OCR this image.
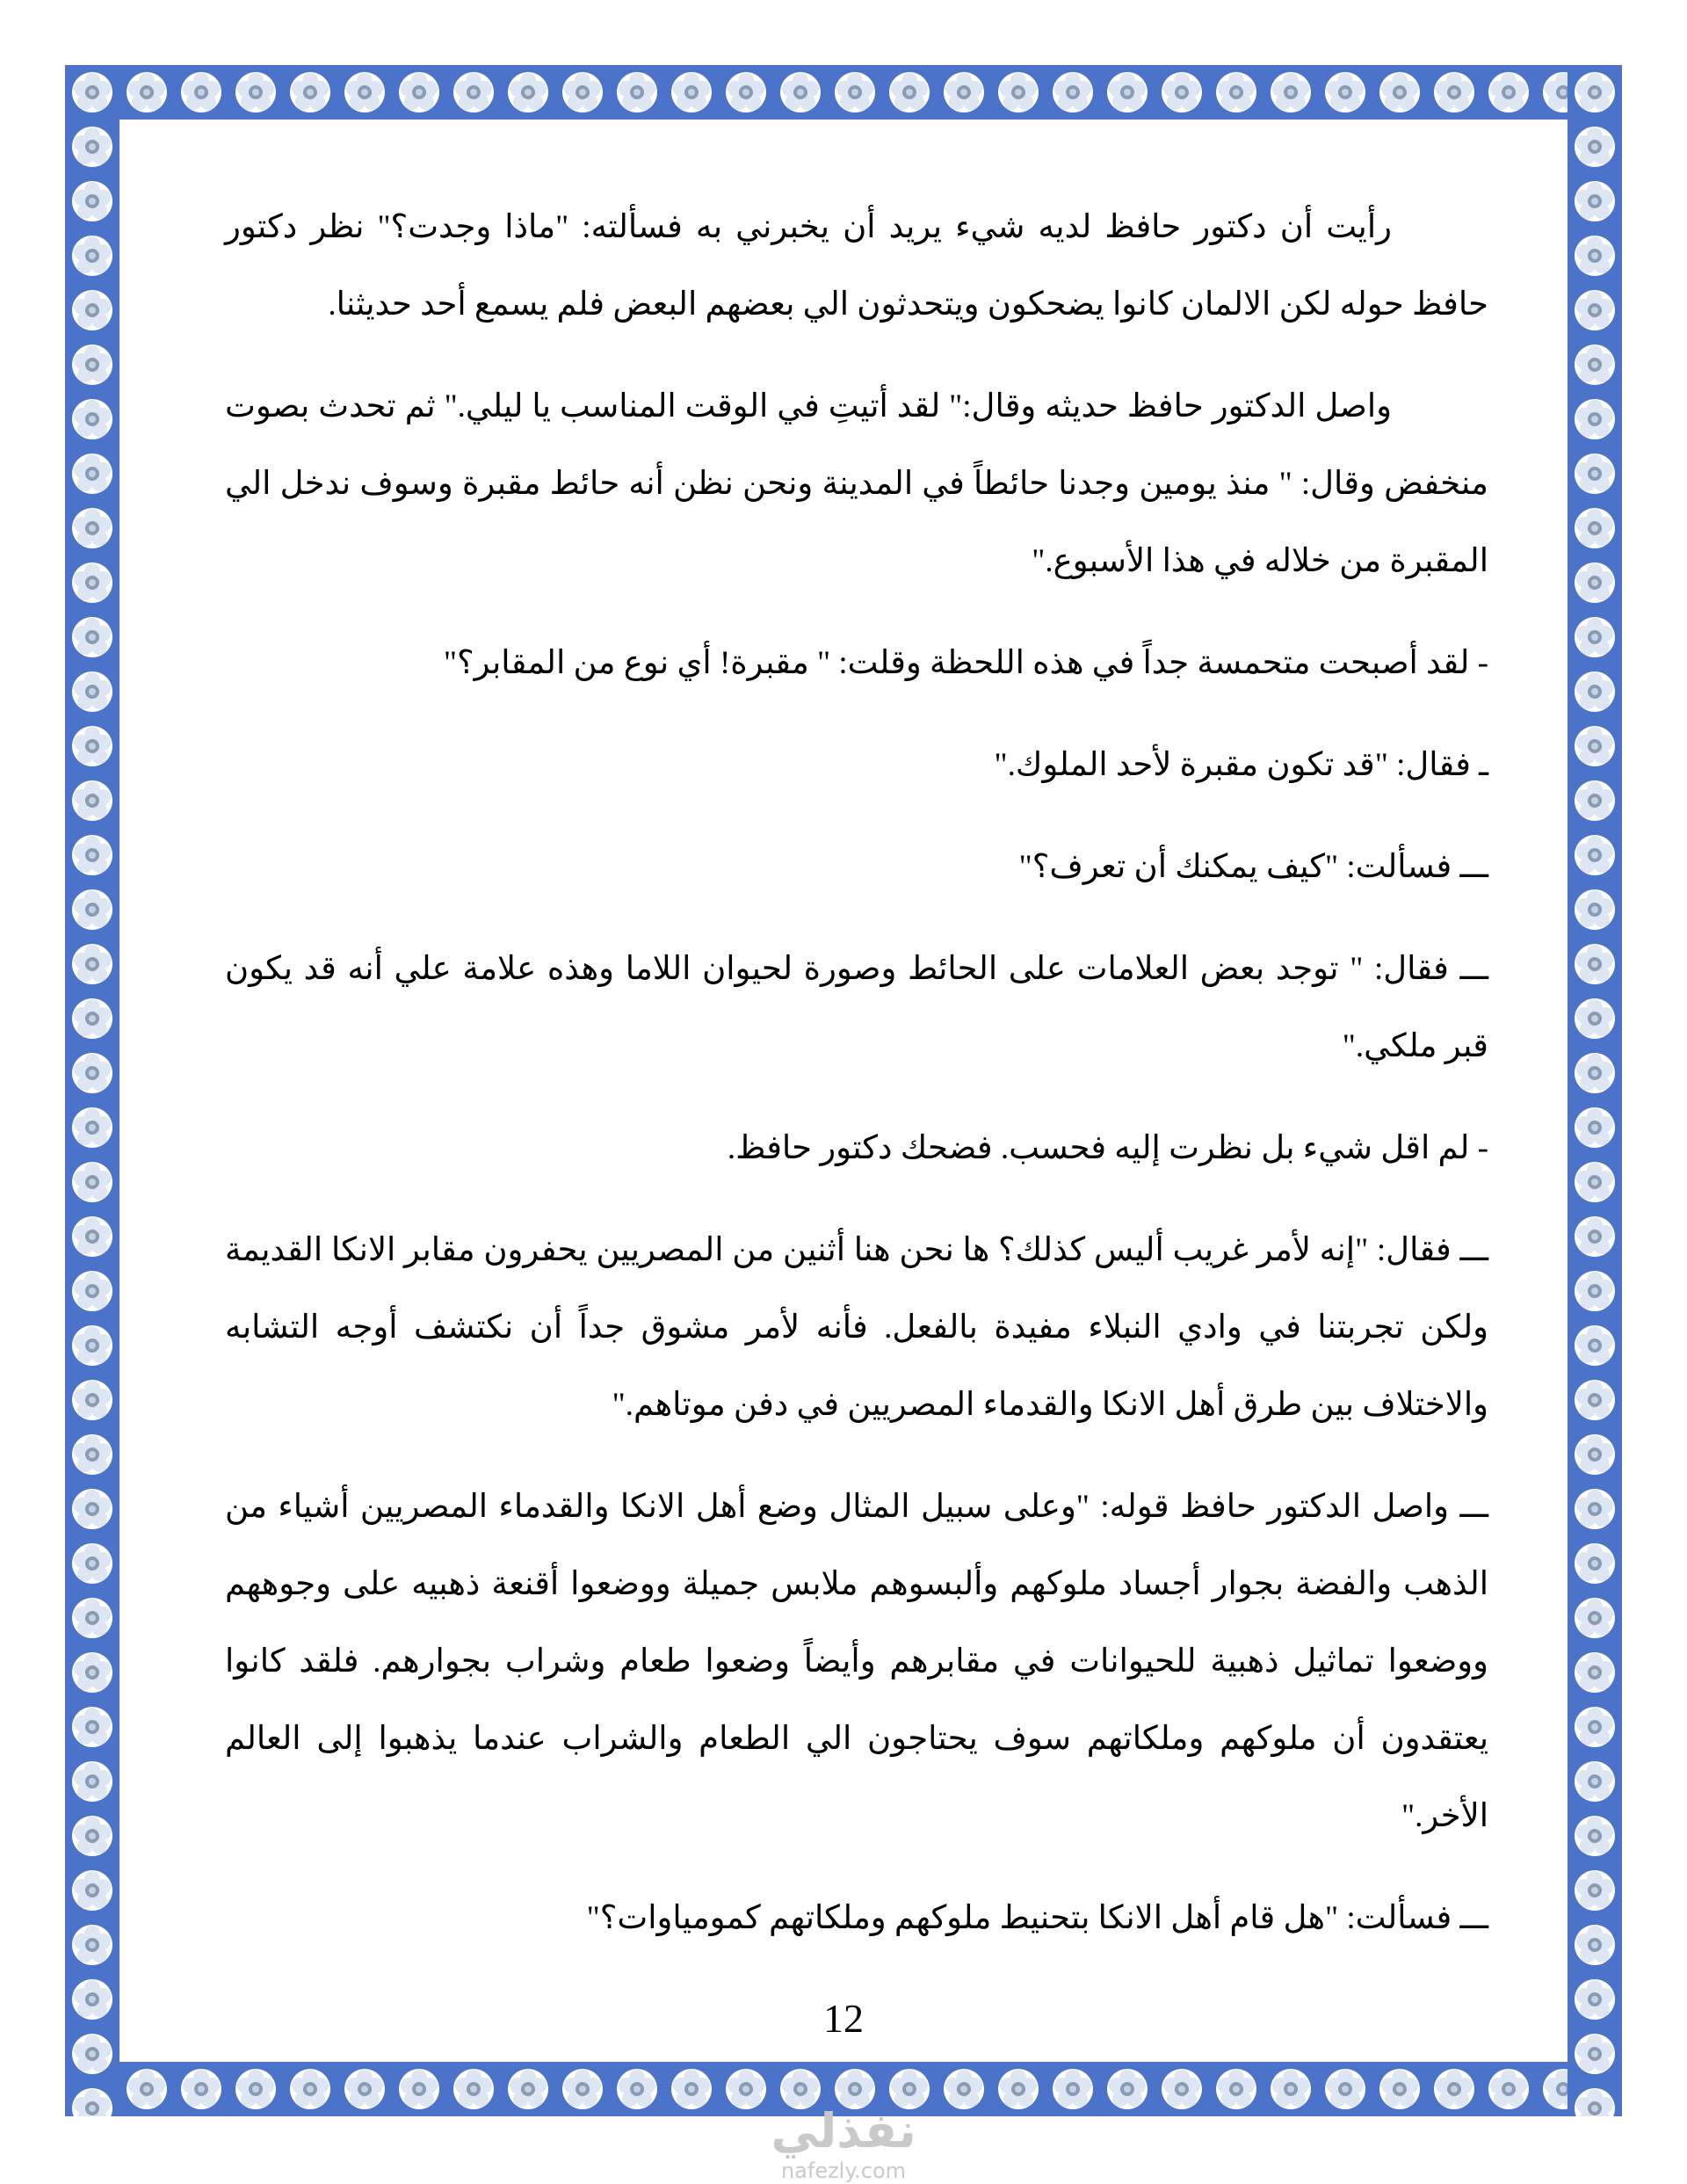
رأيت أن دكتور حافظ لديه شيء يريد أن يخبرني به فسألته: "ماذا وجدت؟" نظر دكتور حافظ حوله لكن الالمان كانوا يضحكون ويتحدثون الي بعضهم البعض فلم يسمع أحد حديثنا.

واصل الدكتور حافظ حديثه وقال:" لقد أتيتِ في الوقت المناسب يا ليلي." ثم تحدث بصوت منخفض وقال: " منذ يومين وجدنا حائطاً في المدينة ونحن نظن أنه حائط مقبرة وسوف ندخل الي المقبرة من خلاله في هذا الأسبوع."

- لقد أصبحت متحمسة جداً في هذه اللحظة وقلت: " مقبرة! أي نوع من المقابر؟"

ـ فقال: "قد تكون مقبرة لأحد الملوك."

ـــ فسألت: "كيف يمكنك أن تعرف؟"

ـــ فقال: " توجد بعض العلامات على الحائط وصورة لحيوان اللاما وهذه علامة علي أنه قد يكون قبر ملكي."

- لم اقل شيء بل نظرت إليه فحسب. فضحك دكتور حافظ.

ـــ فقال: "إنه لأمر غريب أليس كذلك؟ ها نحن هنا أثنين من المصريين يحفرون مقابر الانكا القديمة ولكن تجربتنا في وادي النبلاء مفيدة بالفعل. فأنه لأمر مشوق جداً أن نكتشف أوجه التشابه والاختلاف بين طرق أهل الانكا والقدماء المصريين في دفن موتاهم."

ـــ واصل الدكتور حافظ قوله: "وعلى سبيل المثال وضع أهل الانكا والقدماء المصريين أشياء من الذهب والفضة بجوار أجساد ملوكهم وألبسوهم ملابس جميلة ووضعوا أقنعة ذهبيه على وجوههم ووضعوا تماثيل ذهبية للحيوانات في مقابرهم وأيضاً وضعوا طعام وشراب بجوارهم. فلقد كانوا يعتقدون أن ملوكهم وملكاتهم سوف يحتاجون الي الطعام والشراب عندما يذهبوا إلى العالم الأخر."

ـــ فسألت: "هل قام أهل الانكا بتحنيط ملوكهم وملكاتهم كمومياوات؟"

12
نفذلي
nafezly.com
